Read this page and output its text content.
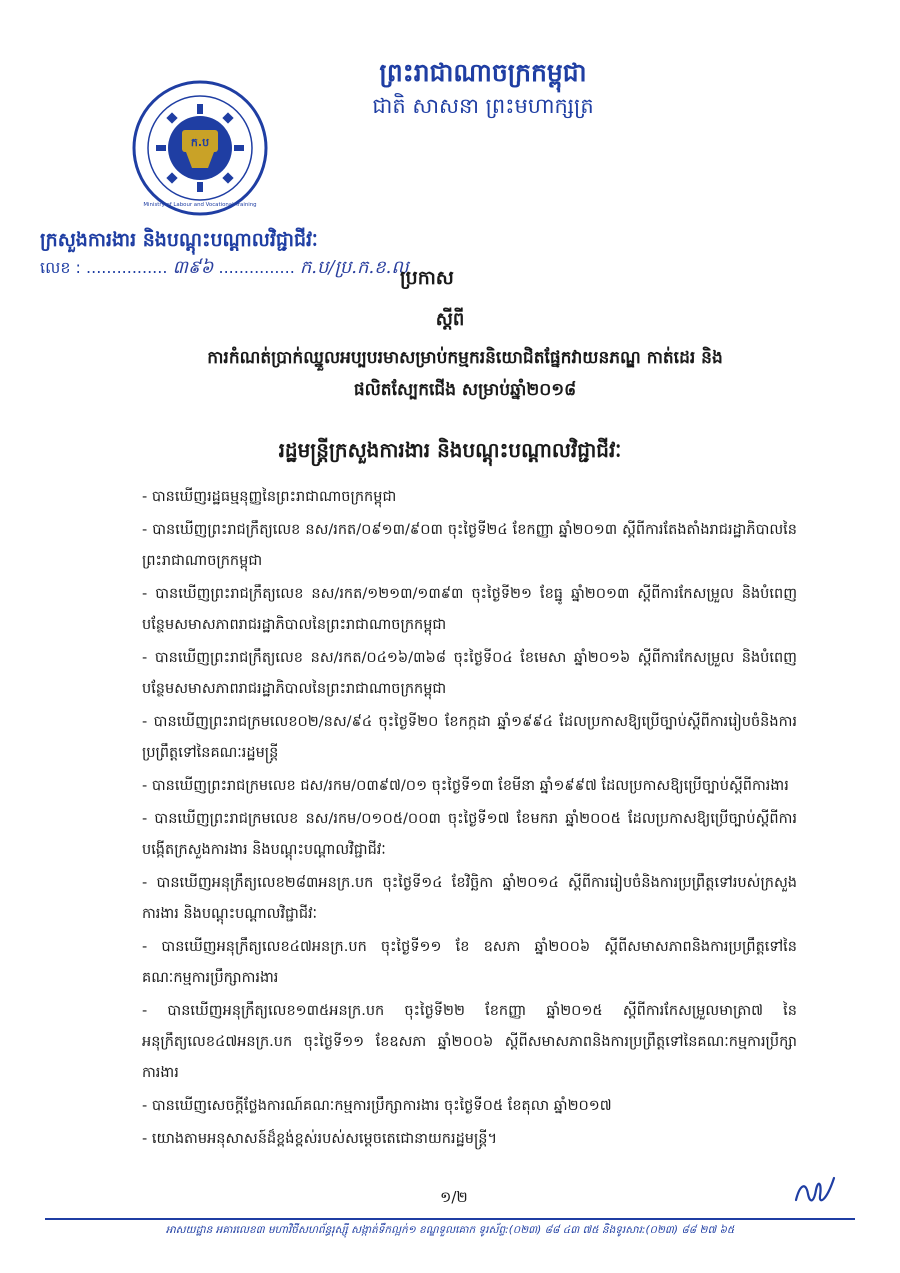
ក.ប
Ministry of Labour and Vocational Training
ព្រះរាជាណាចក្រកម្ពុជា
ជាតិ សាសនា ព្រះមហាក្សត្រ
ក្រសួងការងារ និងបណ្តុះបណ្តាលវិជ្ជាជីវៈ
លេខ : ................ ៣៩៦ ............... ក.ប/ប្រ.ក.ខ.ល
ប្រកាស
ស្តីពី
ការកំណត់ប្រាក់ឈ្នួលអប្បបរមាសម្រាប់កម្មករនិយោជិតផ្នែកវាយនភណ្ឌ កាត់ដេរ និង
ផលិតស្បែកជើង សម្រាប់ឆ្នាំ២០១៨
រដ្ឋមន្ត្រីក្រសួងការងារ និងបណ្តុះបណ្តាលវិជ្ជាជីវៈ
- បានឃើញរដ្ឋធម្មនុញ្ញនៃព្រះរាជាណាចក្រកម្ពុជា
- បានឃើញព្រះរាជក្រឹត្យលេខ នស/រកត/០៩១៣/៩០៣ ចុះថ្ងៃទី២៤ ខែកញ្ញា ឆ្នាំ២០១៣ ស្តីពីការតែងតាំងរាជរដ្ឋាភិបាលនៃព្រះរាជាណាចក្រកម្ពុជា
- បានឃើញព្រះរាជក្រឹត្យលេខ នស/រកត/១២១៣/១៣៩៣ ចុះថ្ងៃទី២១ ខែធ្នូ ឆ្នាំ២០១៣ ស្តីពីការកែសម្រួល និងបំពេញបន្ថែមសមាសភាពរាជរដ្ឋាភិបាលនៃព្រះរាជាណាចក្រកម្ពុជា
- បានឃើញព្រះរាជក្រឹត្យលេខ នស/រកត/០៤១៦/៣៦៨ ចុះថ្ងៃទី០៤ ខែមេសា ឆ្នាំ២០១៦ ស្តីពីការកែសម្រួល និងបំពេញបន្ថែមសមាសភាពរាជរដ្ឋាភិបាលនៃព្រះរាជាណាចក្រកម្ពុជា
- បានឃើញព្រះរាជក្រមលេខ០២/នស/៩៤ ចុះថ្ងៃទី២០ ខែកក្កដា ឆ្នាំ១៩៩៤ ដែលប្រកាសឱ្យប្រើច្បាប់ស្តីពីការរៀបចំនិងការប្រព្រឹត្តទៅនៃគណៈរដ្ឋមន្ត្រី
- បានឃើញព្រះរាជក្រមលេខ ជស/រកម/០៣៩៧/០១ ចុះថ្ងៃទី១៣ ខែមីនា ឆ្នាំ១៩៩៧ ដែលប្រកាសឱ្យប្រើច្បាប់ស្តីពីការងារ
- បានឃើញព្រះរាជក្រមលេខ នស/រកម/០១០៥/០០៣ ចុះថ្ងៃទី១៧ ខែមករា ឆ្នាំ២០០៥ ដែលប្រកាសឱ្យប្រើច្បាប់ស្តីពីការបង្កើតក្រសួងការងារ និងបណ្តុះបណ្តាលវិជ្ជាជីវៈ
- បានឃើញអនុក្រឹត្យលេខ២៨៣អនក្រ.បក ចុះថ្ងៃទី១៤ ខែវិច្ឆិកា ឆ្នាំ២០១៤ ស្តីពីការរៀបចំនិងការប្រព្រឹត្តទៅរបស់ក្រសួងការងារ និងបណ្តុះបណ្តាលវិជ្ជាជីវៈ
- បានឃើញអនុក្រឹត្យលេខ៤៧អនក្រ.បក ចុះថ្ងៃទី១១ ខែ ឧសភា ឆ្នាំ២០០៦ ស្តីពីសមាសភាពនិងការប្រព្រឹត្តទៅនៃគណៈកម្មការប្រឹក្សាការងារ
- បានឃើញអនុក្រឹត្យលេខ១៣៥អនក្រ.បក ចុះថ្ងៃទី២២ ខែកញ្ញា ឆ្នាំ២០១៥ ស្តីពីការកែសម្រួលមាត្រា៧ នៃអនុក្រឹត្យលេខ៤៧អនក្រ.បក ចុះថ្ងៃទី១១ ខែឧសភា ឆ្នាំ២០០៦ ស្តីពីសមាសភាពនិងការប្រព្រឹត្តទៅនៃគណៈកម្មការប្រឹក្សាការងារ
- បានឃើញសេចក្តីថ្លែងការណ៍គណៈកម្មការប្រឹក្សាការងារ ចុះថ្ងៃទី០៥ ខែតុលា ឆ្នាំ២០១៧
- យោងតាមអនុសាសន៍ដ៏ខ្ពង់ខ្ពស់របស់សម្តេចតេជោនាយករដ្ឋមន្ត្រី។
១/២
អាសយដ្ឋាន អគារលេខ៣ មហាវិថីសហព័ន្ធរុស្ស៊ី សង្កាត់ទឹកល្អក់១ ខណ្ឌទួលគោក ទូរស័ព្ទ:(០២៣) ៨៨ ៤៣ ៧៥ និងទូរសារ:(០២៣) ៨៨ ២៧ ៦៥
